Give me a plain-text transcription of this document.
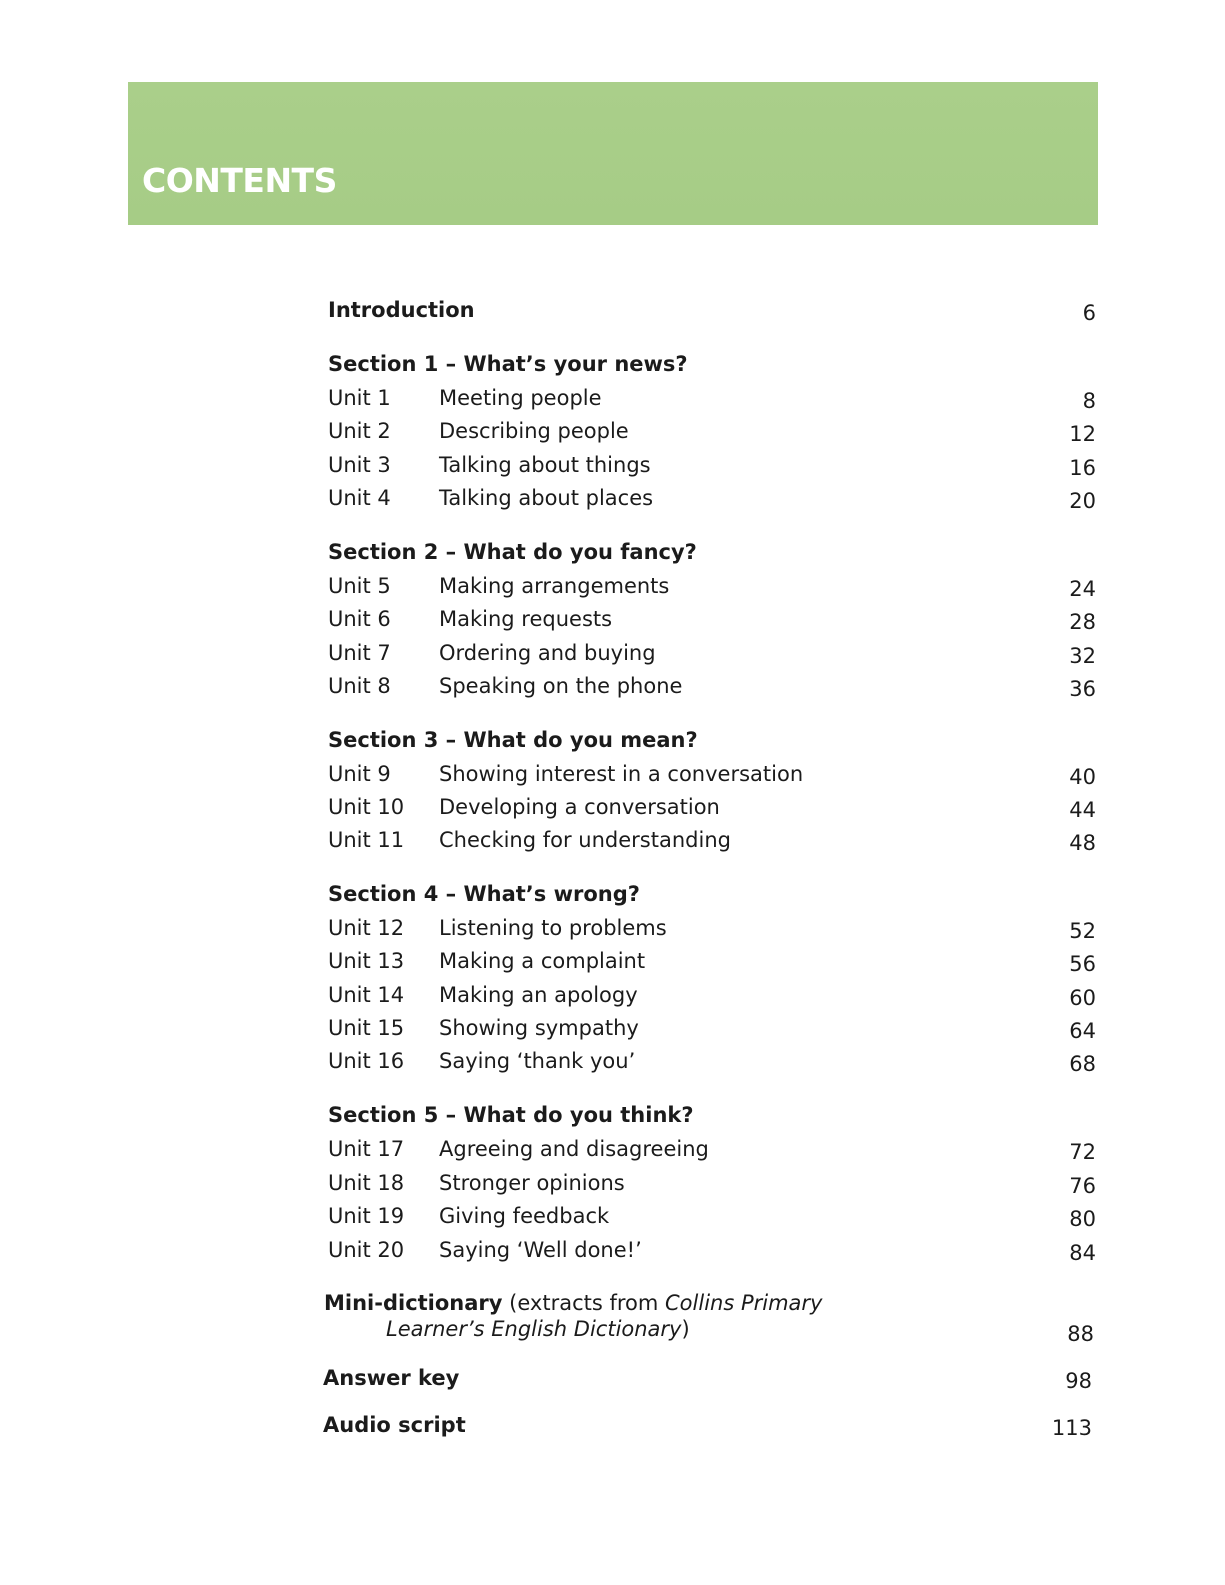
CONTENTS
Introduction	6
Section 1 – What’s your news?
Unit 1 Meeting people	8
Unit 2 Describing people	12
Unit 3 Talking about things	16
Unit 4 Talking about places	20
Section 2 – What do you fancy?
Unit 5 Making arrangements	24
Unit 6 Making requests	28
Unit 7 Ordering and buying	32
Unit 8 Speaking on the phone	36
Section 3 – What do you mean?
Unit 9 Showing interest in a conversation	40
Unit 10 Developing a conversation	44
Unit 11 Checking for understanding	48
Section 4 – What’s wrong?
Unit 12 Listening to problems	52
Unit 13 Making a complaint	56
Unit 14 Making an apology	60
Unit 15 Showing sympathy	64
Unit 16 Saying ‘thank you’	68
Section 5 – What do you think?
Unit 17 Agreeing and disagreeing	72
Unit 18 Stronger opinions	76
Unit 19 Giving feedback	80
Unit 20 Saying ‘Well done!’	84
Mini-dictionary (extracts from Collins Primary
Learner’s English Dictionary)	88
Answer key	98
Audio script	113
